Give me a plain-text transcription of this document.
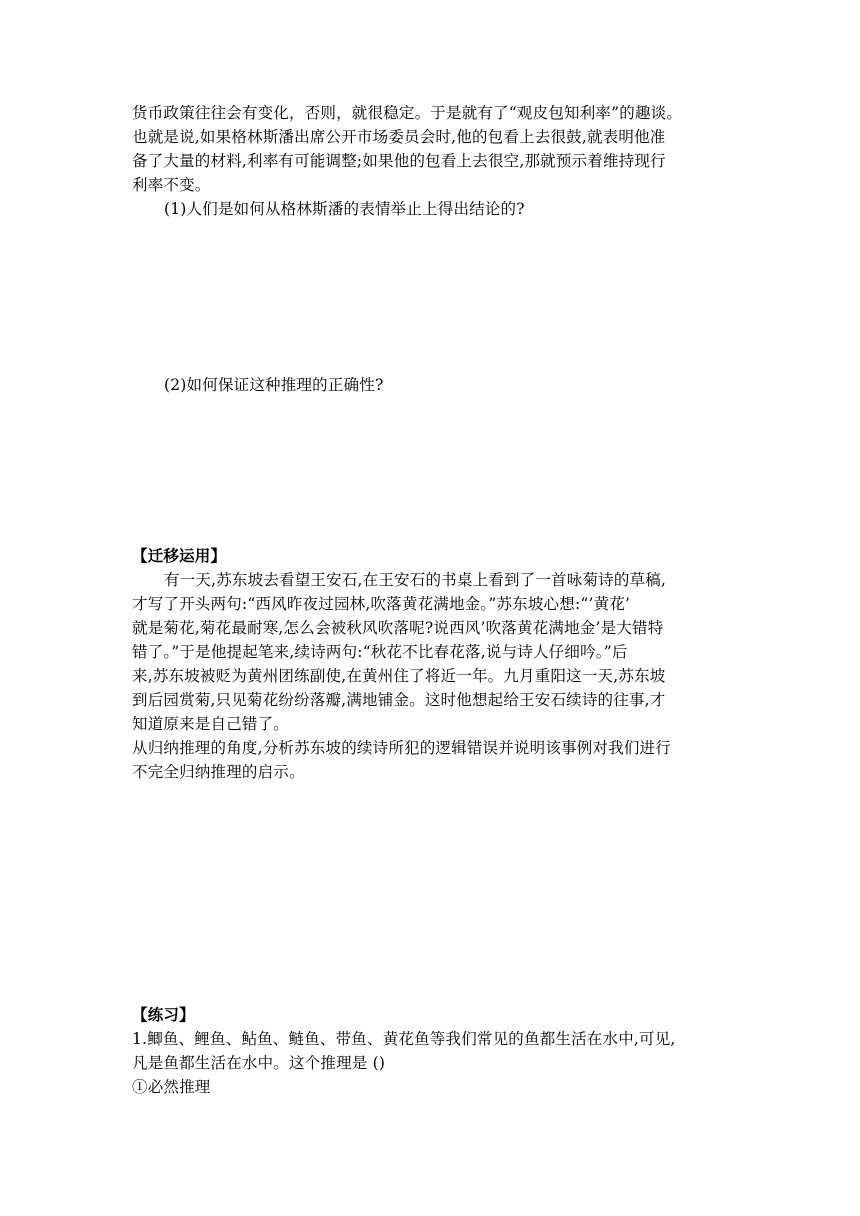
货币政策往往会有变化，否则，就很稳定。于是就有了“观皮包知利率”的趣谈。
也就是说,如果格林斯潘出席公开市场委员会时,他的包看上去很鼓,就表明他准
备了大量的材料,利率有可能调整;如果他的包看上去很空,那就预示着维持现行
利率不变。
(1)人们是如何从格林斯潘的表情举止上得出结论的?
(2)如何保证这种推理的正确性?
【迁移运用】
有一天,苏东坡去看望王安石,在王安石的书桌上看到了一首咏菊诗的草稿,
才写了开头两句:“西风昨夜过园林,吹落黄花满地金。”苏东坡心想:“’黄花’
就是菊花,菊花最耐寒,怎么会被秋风吹落呢?说西风’吹落黄花满地金’是大错特
错了。”于是他提起笔来,续诗两句:“秋花不比春花落,说与诗人仔细吟。”后
来,苏东坡被贬为黄州团练副使,在黄州住了将近一年。九月重阳这一天,苏东坡
到后园赏菊,只见菊花纷纷落瓣,满地铺金。这时他想起给王安石续诗的往事,才
知道原来是自己错了。
从归纳推理的角度,分析苏东坡的续诗所犯的逻辑错误并说明该事例对我们进行
不完全归纳推理的启示。
【练习】
1.鲫鱼、鲤鱼、鲇鱼、鲢鱼、带鱼、黄花鱼等我们常见的鱼都生活在水中,可见,
凡是鱼都生活在水中。这个推理是 ()
①必然推理
